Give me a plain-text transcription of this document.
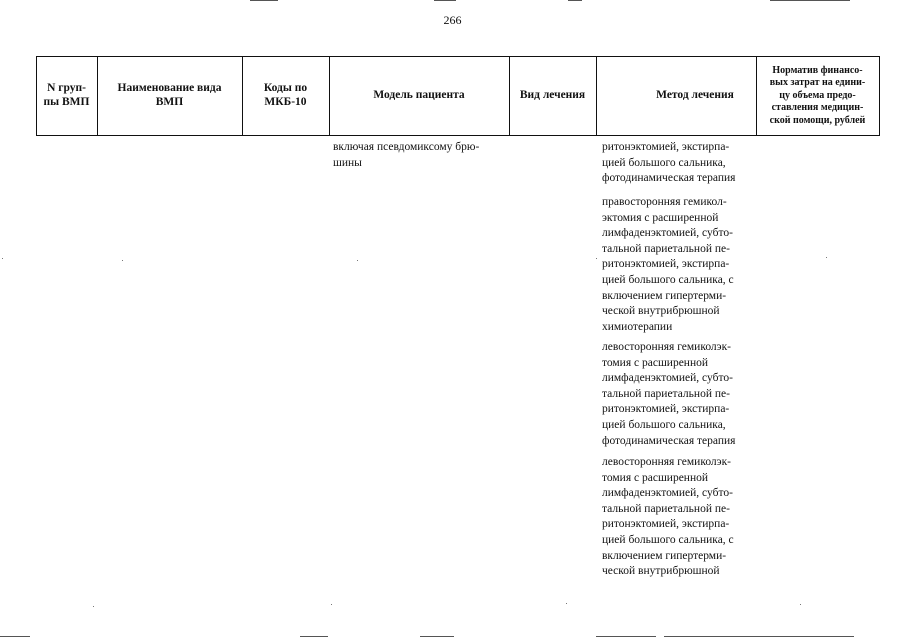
266
N груп-
пы ВМП
Наименование вида
ВМП
Коды по
МКБ-10
Модель пациента	Вид лечения	Метод лечения
Норматив финансо-
вых затрат на едини-
цу объема предо-
ставления медицин-
ской помощи, рублей
включая псевдомиксому брю-
шины
ритонэктомией, экстирпа-
цией большого сальника,
фотодинамическая терапия
правосторонняя гемикол-
эктомия с расширенной
лимфаденэктомией, субто-
тальной париетальной пе-
ритонэктомией, экстирпа-
цией большого сальника, с
включением гипертерми-
ческой внутрибрюшной
химиотерапии
левосторонняя гемиколэк-
томия с расширенной
лимфаденэктомией, субто-
тальной париетальной пе-
ритонэктомией, экстирпа-
цией большого сальника,
фотодинамическая терапия
левосторонняя гемиколэк-
томия с расширенной
лимфаденэктомией, субто-
тальной париетальной пе-
ритонэктомией, экстирпа-
цией большого сальника, с
включением гипертерми-
ческой внутрибрюшной
